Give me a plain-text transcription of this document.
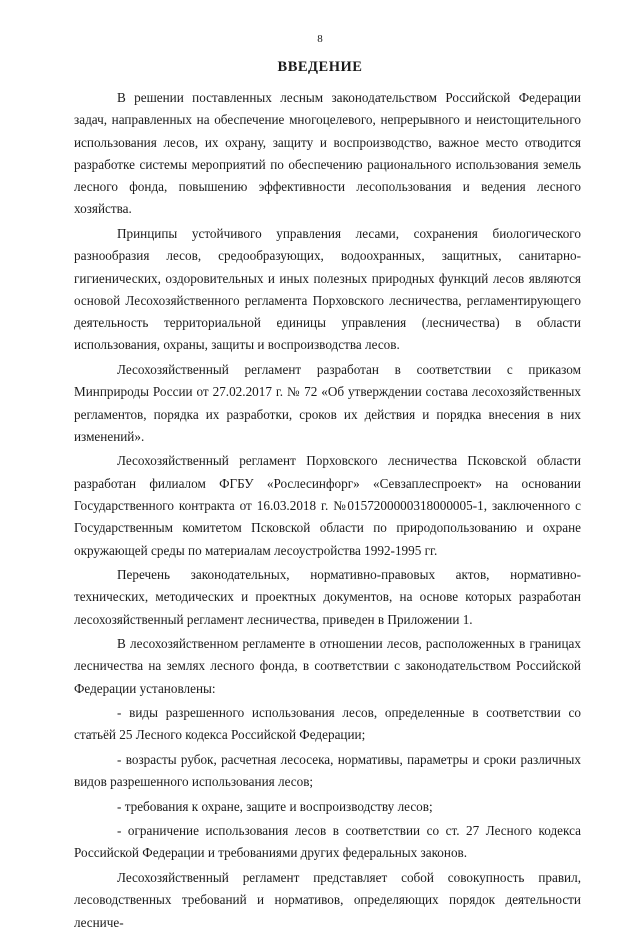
8
ВВЕДЕНИЕ

В решении поставленных лесным законодательством Российской Федерации задач, направленных на обеспечение многоцелевого, непрерывного и неистощительного использования лесов, их охрану, защиту и воспроизводство, важное место отводится разработке системы мероприятий по обеспечению рационального использования земель лесного фонда, повышению эффективности лесопользования и ведения лесного хозяйства.

Принципы устойчивого управления лесами, сохранения биологического разнообразия лесов, средообразующих, водоохранных, защитных, санитарно-гигиенических, оздоровительных и иных полезных природных функций лесов являются основой Лесохозяйственного регламента Порховского лесничества, регламентирующего деятельность территориальной единицы управления (лесничества) в области использования, охраны, защиты и воспроизводства лесов.

Лесохозяйственный регламент разработан в соответствии с приказом Минприроды России от 27.02.2017 г. № 72 «Об утверждении состава лесохозяйственных регламентов, порядка их разработки, сроков их действия и порядка внесения в них изменений».

Лесохозяйственный регламент Порховского лесничества Псковской области разработан филиалом ФГБУ «Рослесинфорг» «Севзаплеспроект» на основании Государственного контракта от 16.03.2018 г. №0157200000318000005-1, заключенного с Государственным комитетом Псковской области по природопользованию и охране окружающей среды по материалам лесоустройства 1992-1995 гг.

Перечень законодательных, нормативно-правовых актов, нормативно-технических, методических и проектных документов, на основе которых разработан лесохозяйственный регламент лесничества, приведен в Приложении 1.

В лесохозяйственном регламенте в отношении лесов, расположенных в границах лесничества на землях лесного фонда, в соответствии с законодательством Российской Федерации установлены:

- виды разрешенного использования лесов, определенные в соответствии со статьёй 25 Лесного кодекса Российской Федерации;

- возрасты рубок, расчетная лесосека, нормативы, параметры и сроки различных видов разрешенного использования лесов;

- требования к охране, защите и воспроизводству лесов;

- ограничение использования лесов в соответствии со ст. 27 Лесного кодекса Российской Федерации и требованиями других федеральных законов.

Лесохозяйственный регламент представляет собой совокупность правил, лесоводственных требований и нормативов, определяющих порядок деятельности лесниче-
